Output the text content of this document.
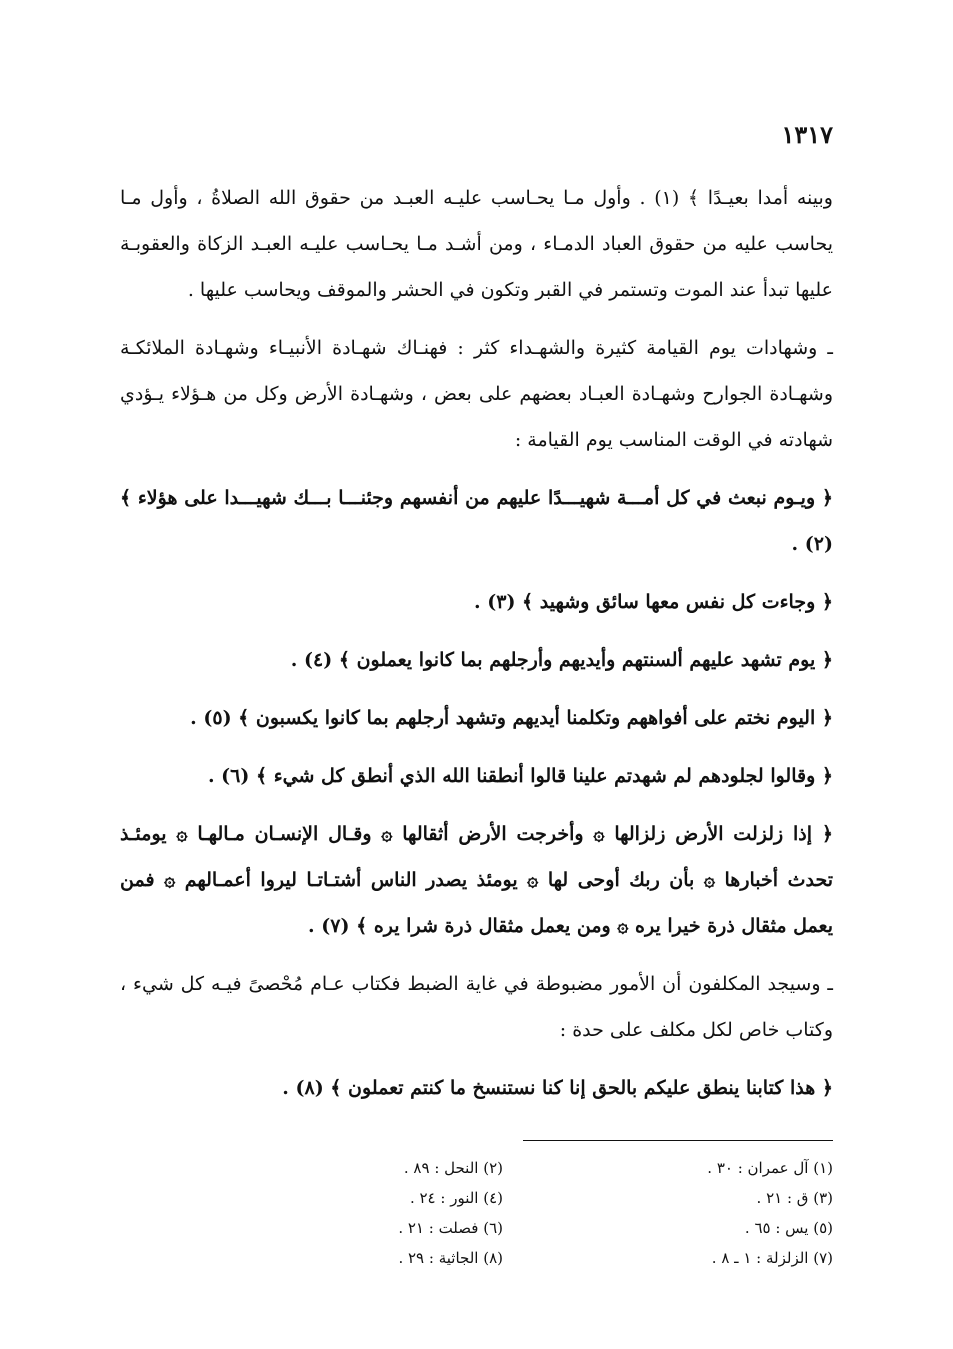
١٣١٧

وبينه أمدا بعيـدًا ﴾ (١) . وأول مـا يحـاسب عليـه العبـد من حقوق الله الصلاةُ ، وأول مـا يحاسب عليه من حقوق العباد الدمـاء ، ومن أشـد مـا يحـاسب عليـه العبـد الزكاة والعقوبـة عليها تبدأ عند الموت وتستمر في القبر وتكون في الحشر والموقف ويحاسب عليها .

ـ وشهادات يوم القيامة كثيرة والشهـداء كثر : فهنـاك شهـادة الأنبيـاء وشهـادة الملائكـة وشهـادة الجوارح وشهـادة العبـاد بعضهم على بعض ، وشهـادة الأرض وكل من هـؤلاء يـؤدي شهادته في الوقت المناسب يوم القيامة :

﴿ ويـوم نبعث في كل أمـــة شهيـــدًا عليهم من أنفسهم وجئنـــا بـــك شهيـــدا على هؤلاء ﴾ (٢) .

﴿ وجاءت كل نفس معها سائق وشهيد ﴾ (٣) .

﴿ يوم تشهد عليهم ألسنتهم وأيديهم وأرجلهم بما كانوا يعملون ﴾ (٤) .

﴿ اليوم نختم على أفواههم وتكلمنا أيديهم وتشهد أرجلهم بما كانوا يكسبون ﴾ (٥) .

﴿ وقالوا لجلودهم لم شهدتم علينا قالوا أنطقنا الله الذي أنطق كل شيء ﴾ (٦) .

﴿ إذا زلزلت الأرض زلزالها ۞ وأخرجت الأرض أثقالها ۞ وقـال الإنسـان مـالهـا ۞ يومئـذ تحدث أخبارها ۞ بأن ربك أوحى لها ۞ يومئذ يصدر الناس أشتـاتـا ليروا أعمـالهم ۞ فمن يعمل مثقال ذرة خيرا يره ۞ ومن يعمل مثقال ذرة شرا يره ﴾ (٧) .

ـ وسيجد المكلفون أن الأمور مضبوطة في غاية الضبط فكتاب عـام مُحْصىً فيـه كل شيء ، وكتاب خاص لكل مكلف على حدة :

﴿ هذا كتابنا ينطق عليكم بالحق إنا كنا نستنسخ ما كنتم تعملون ﴾ (٨) .

(١) آل عمران : ٣٠ .
(٢) النحل : ٨٩ .
(٣) ق : ٢١ .
(٤) النور : ٢٤ .
(٥) يس : ٦٥ .
(٦) فصلت : ٢١ .
(٧) الزلزلة : ١ ـ ٨ .
(٨) الجاثية : ٢٩ .
